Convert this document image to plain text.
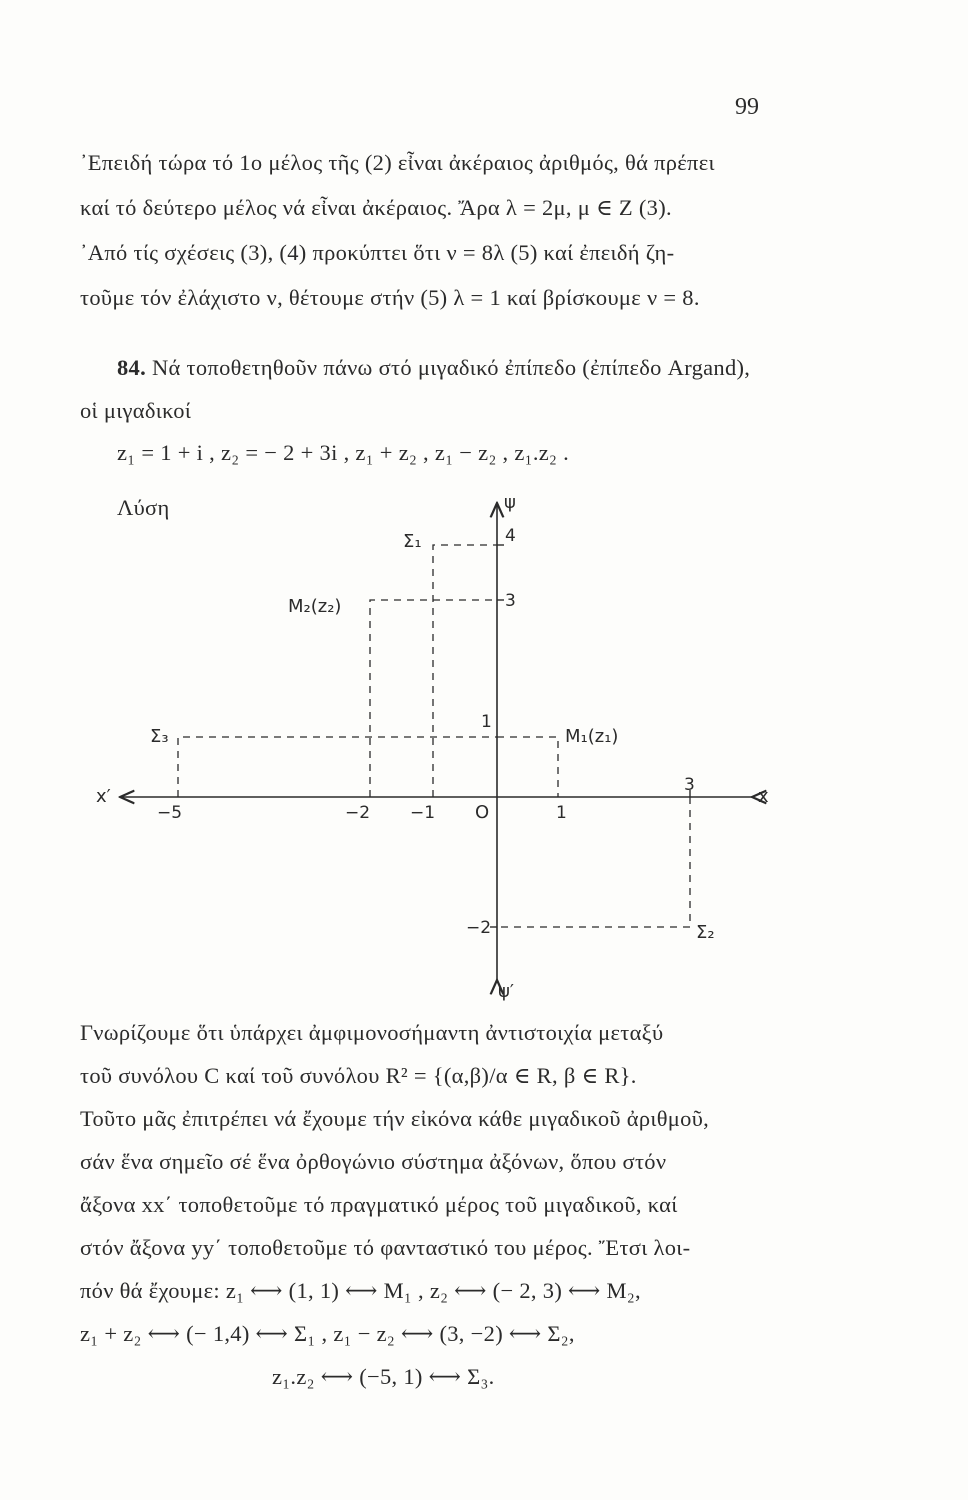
99
᾿Επειδή τώρα τό 1ο μέλος τῆς (2) εἶναι ἀκέραιος ἀριθμός, θά πρέπει
καί τό δεύτερο μέλος νά εἶναι ἀκέραιος. Ἄρα λ = 2μ, μ ∈ Z (3).
᾿Από τίς σχέσεις (3), (4) προκύπτει ὅτι ν = 8λ (5) καί ἐπειδή ζη-
τοῦμε τόν ἐλάχιστο ν, θέτουμε στήν (5) λ = 1 καί βρίσκουμε ν = 8.
84. Νά τοποθετηθοῦν πάνω στό μιγαδικό ἐπίπεδο (ἐπίπεδο Argand),
οἱ μιγαδικοί
z₁ = 1 + i , z₂ = − 2 + 3i , z₁ + z₂ , z₁ − z₂ , z₁.z₂ .
Λύση
−5	−2 −1	1
3
4
3
1
−2
x
x′
ψ
ψ′
O
Σ₁
M₂(z₂)
M₁(z₁)
Σ₃
Σ₂
Γνωρίζουμε ὅτι ὑπάρχει ἀμφιμονοσήμαντη ἀντιστοιχία μεταξύ
τοῦ συνόλου C καί τοῦ συνόλου R² = {(α,β)/α ∈ R, β ∈ R}.
Τοῦτο μᾶς ἐπιτρέπει νά ἔχουμε τήν εἰκόνα κάθε μιγαδικοῦ ἀριθμοῦ,
σάν ἕνα σημεῖο σέ ἕνα ὀρθογώνιο σύστημα ἀξόνων, ὅπου στόν
ἄξονα xx΄ τοποθετοῦμε τό πραγματικό μέρος τοῦ μιγαδικοῦ, καί
στόν ἄξονα yy΄ τοποθετοῦμε τό φανταστικό του μέρος. Ἔτσι λοι-
πόν θά ἔχουμε: z₁ ⟷ (1, 1) ⟷ M₁ , z₂ ⟷ (− 2, 3) ⟷ M₂,
z₁ + z₂ ⟷ (− 1,4) ⟷ Σ₁ , z₁ − z₂ ⟷ (3, −2) ⟷ Σ₂,
z₁.z₂ ⟷ (−5, 1) ⟷ Σ₃.
